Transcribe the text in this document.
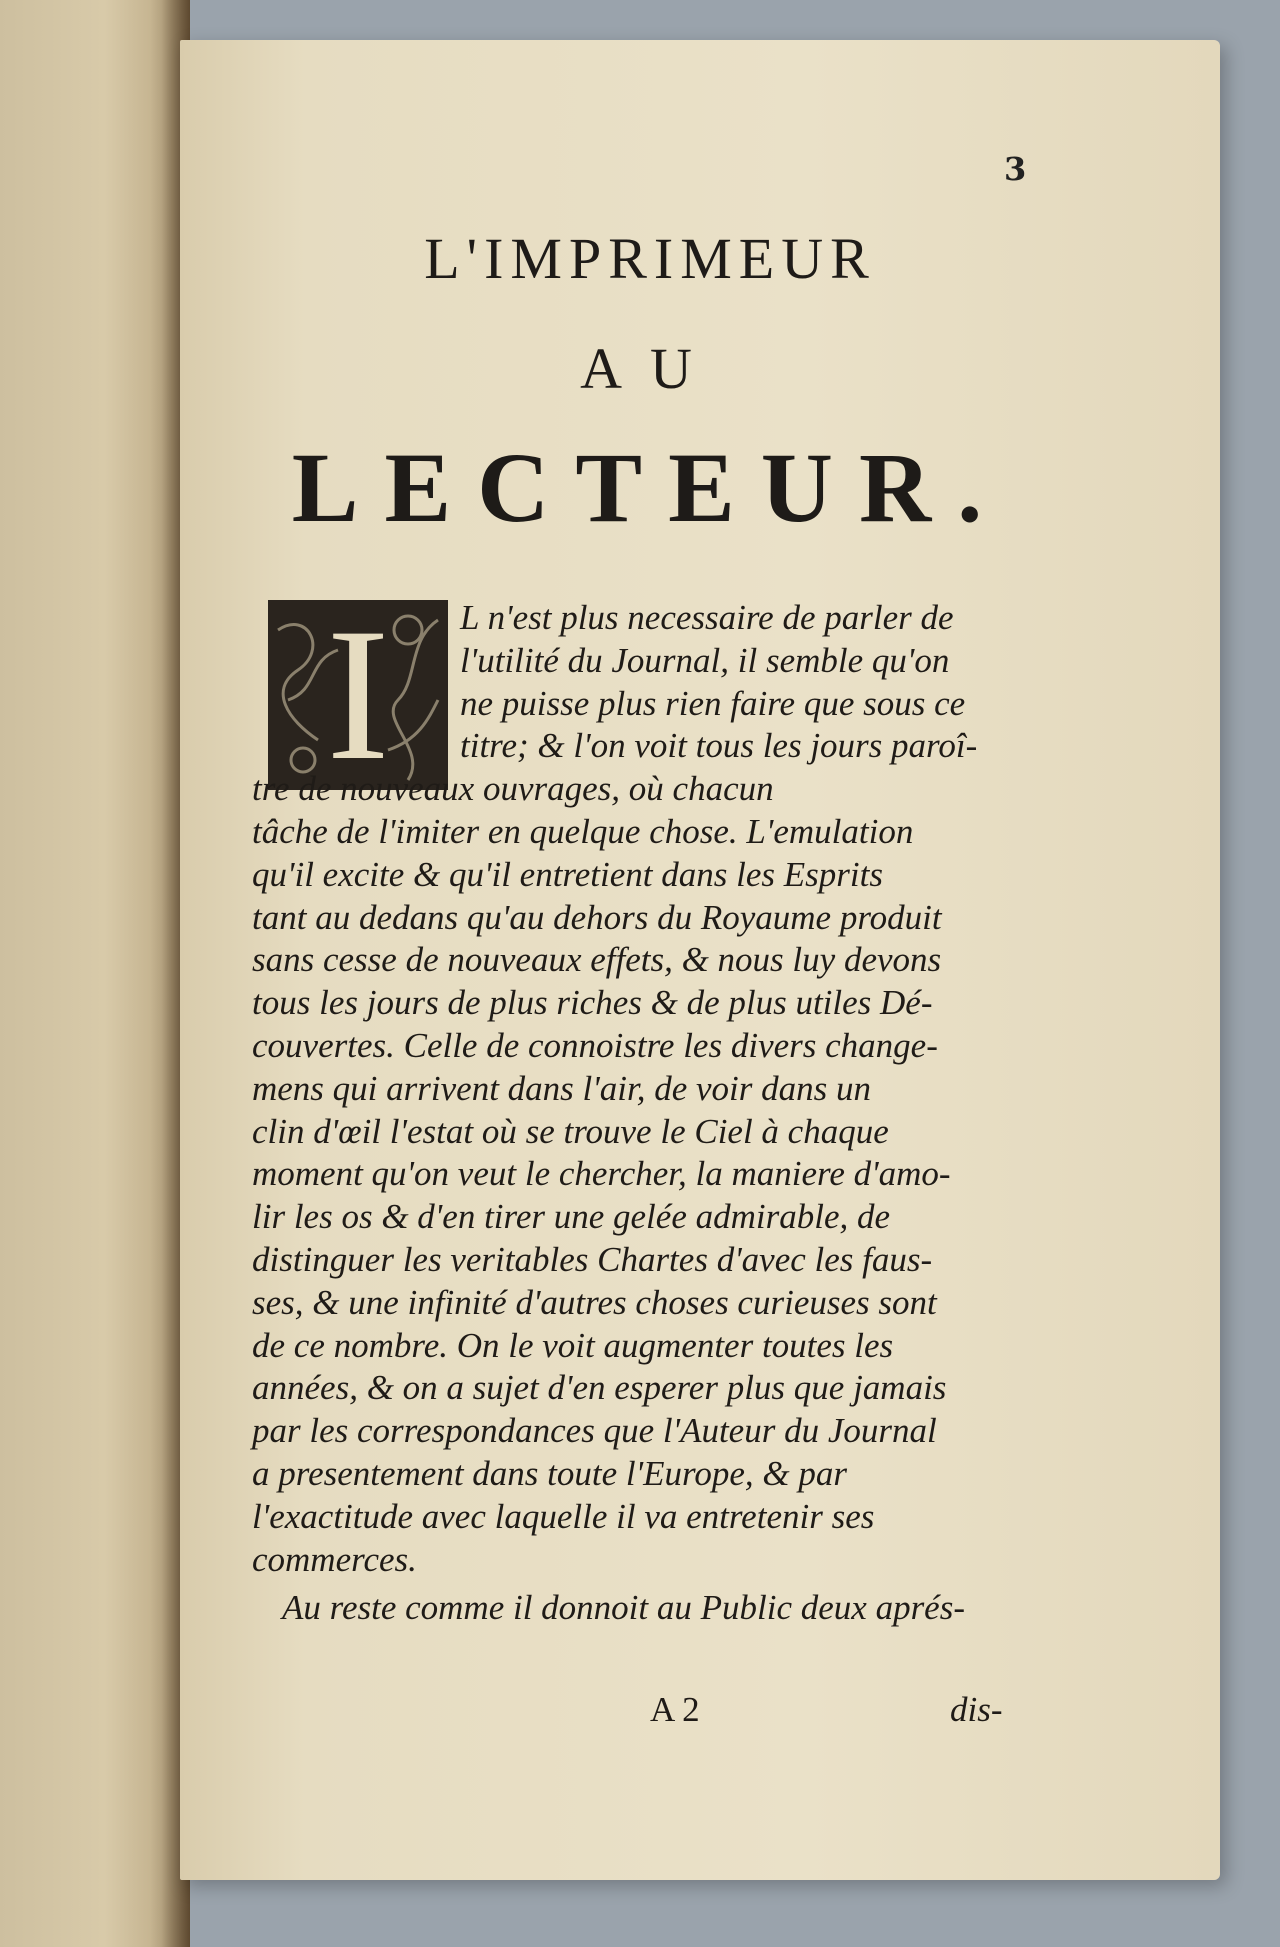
3
L'IMPRIMEUR
AU
LECTEUR.
I L n'est plus necessaire de parler de
l'utilité du Journal, il semble qu'on
ne puisse plus rien faire que sous ce
titre; & l'on voit tous les jours paroî-
tre de nouveaux ouvrages, où chacun
tâche de l'imiter en quelque chose. L'emulation
qu'il excite & qu'il entretient dans les Esprits
tant au dedans qu'au dehors du Royaume produit
sans cesse de nouveaux effets, & nous luy devons
tous les jours de plus riches & de plus utiles Dé-
couvertes. Celle de connoistre les divers change-
mens qui arrivent dans l'air, de voir dans un
clin d'œil l'estat où se trouve le Ciel à chaque
moment qu'on veut le chercher, la maniere d'amo-
lir les os & d'en tirer une gelée admirable, de
distinguer les veritables Chartes d'avec les faus-
ses, & une infinité d'autres choses curieuses sont
de ce nombre. On le voit augmenter toutes les
années, & on a sujet d'en esperer plus que jamais
par les correspondances que l'Auteur du Journal
a presentement dans toute l'Europe, & par
l'exactitude avec laquelle il va entretenir ses
commerces.
Au reste comme il donnoit au Public deux aprés-
A 2	dis-
